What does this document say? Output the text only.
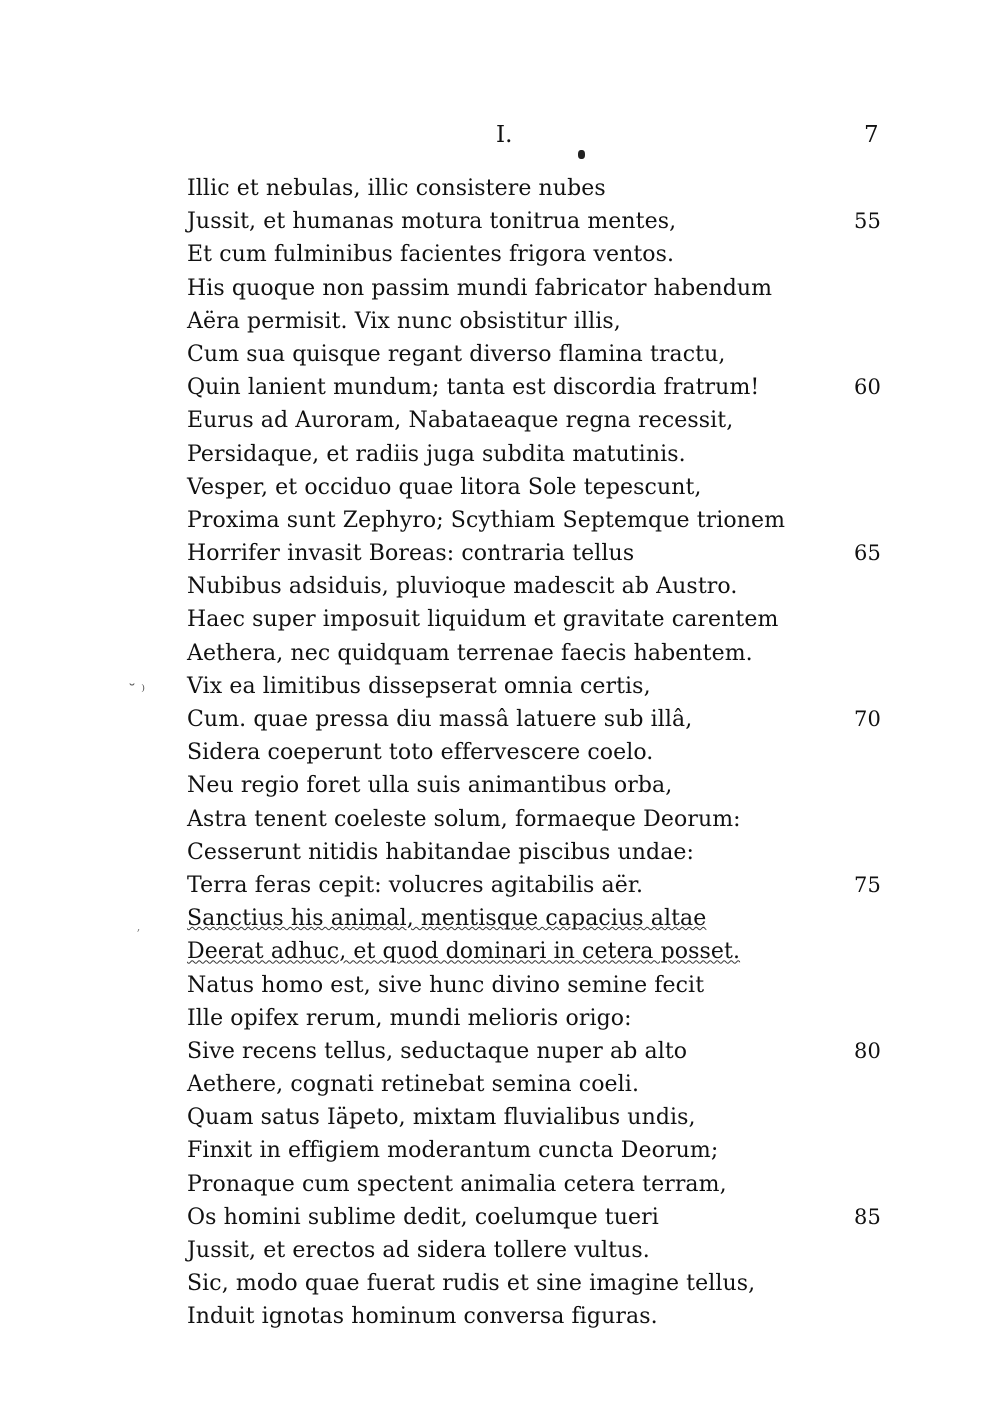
I.	7
˘ ⁾
ʼ
Illic et nebulas, illic consistere nubes
Jussit, et humanas motura tonitrua mentes,	55
Et cum fulminibus facientes frigora ventos.
His quoque non passim mundi fabricator habendum
Aëra permisit. Vix nunc obsistitur illis,
Cum sua quisque regant diverso flamina tractu,
Quin lanient mundum; tanta est discordia fratrum!	60
Eurus ad Auroram, Nabataeaque regna recessit,
Persidaque, et radiis juga subdita matutinis.
Vesper, et occiduo quae litora Sole tepescunt,
Proxima sunt Zephyro; Scythiam Septemque trionem
Horrifer invasit Boreas: contraria tellus	65
Nubibus adsiduis, pluvioque madescit ab Austro.
Haec super imposuit liquidum et gravitate carentem
Aethera, nec quidquam terrenae faecis habentem.
Vix ea limitibus dissepserat omnia certis,
Cum. quae pressa diu massâ latuere sub illâ,	70
Sidera coeperunt toto effervescere coelo.
Neu regio foret ulla suis animantibus orba,
Astra tenent coeleste solum, formaeque Deorum:
Cesserunt nitidis habitandae piscibus undae:
Terra feras cepit: volucres agitabilis aër.	75
Sanctius his animal, mentisque capacius altae
Deerat adhuc, et quod dominari in cetera posset.
Natus homo est, sive hunc divino semine fecit
Ille opifex rerum, mundi melioris origo:
Sive recens tellus, seductaque nuper ab alto	80
Aethere, cognati retinebat semina coeli.
Quam satus Iäpeto, mixtam fluvialibus undis,
Finxit in effigiem moderantum cuncta Deorum;
Pronaque cum spectent animalia cetera terram,
Os homini sublime dedit, coelumque tueri	85
Jussit, et erectos ad sidera tollere vultus.
Sic, modo quae fuerat rudis et sine imagine tellus,
Induit ignotas hominum conversa figuras.
